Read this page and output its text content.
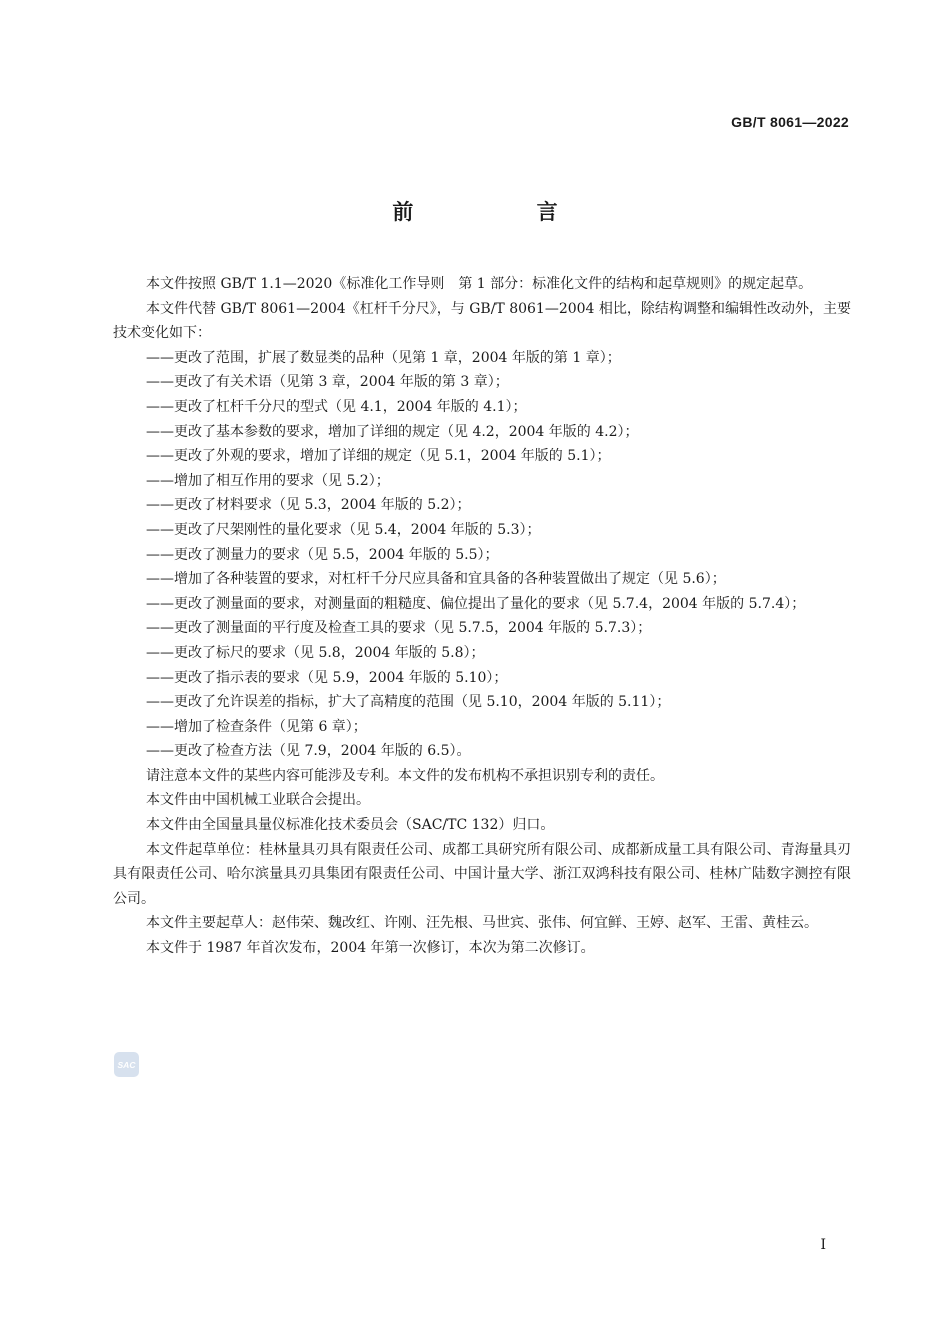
GB/T 8061—2022
前 言

本文件按照 GB/T 1.1—2020《标准化工作导则　第 1 部分：标准化文件的结构和起草规则》的规定起草。

本文件代替 GB/T 8061—2004《杠杆千分尺》，与 GB/T 8061—2004 相比，除结构调整和编辑性改动外，主要技术变化如下：

——更改了范围，扩展了数显类的品种（见第 1 章，2004 年版的第 1 章）；

——更改了有关术语（见第 3 章，2004 年版的第 3 章）；

——更改了杠杆千分尺的型式（见 4.1，2004 年版的 4.1）；

——更改了基本参数的要求，增加了详细的规定（见 4.2，2004 年版的 4.2）；

——更改了外观的要求，增加了详细的规定（见 5.1，2004 年版的 5.1）；

——增加了相互作用的要求（见 5.2）；

——更改了材料要求（见 5.3，2004 年版的 5.2）；

——更改了尺架刚性的量化要求（见 5.4，2004 年版的 5.3）；

——更改了测量力的要求（见 5.5，2004 年版的 5.5）；

——增加了各种装置的要求，对杠杆千分尺应具备和宜具备的各种装置做出了规定（见 5.6）；

——更改了测量面的要求，对测量面的粗糙度、偏位提出了量化的要求（见 5.7.4，2004 年版的 5.7.4）；

——更改了测量面的平行度及检查工具的要求（见 5.7.5，2004 年版的 5.7.3）；

——更改了标尺的要求（见 5.8，2004 年版的 5.8）；

——更改了指示表的要求（见 5.9，2004 年版的 5.10）；

——更改了允许误差的指标，扩大了高精度的范围（见 5.10，2004 年版的 5.11）；

——增加了检查条件（见第 6 章）；

——更改了检查方法（见 7.9，2004 年版的 6.5）。

请注意本文件的某些内容可能涉及专利。本文件的发布机构不承担识别专利的责任。

本文件由中国机械工业联合会提出。

本文件由全国量具量仪标准化技术委员会（SAC/TC 132）归口。

本文件起草单位：桂林量具刃具有限责任公司、成都工具研究所有限公司、成都新成量工具有限公司、青海量具刃具有限责任公司、哈尔滨量具刃具集团有限责任公司、中国计量大学、浙江双鸿科技有限公司、桂林广陆数字测控有限公司。

本文件主要起草人：赵伟荣、魏改红、许刚、汪先根、马世宾、张伟、何宜鲜、王婷、赵军、王雷、黄桂云。

本文件于 1987 年首次发布，2004 年第一次修订，本次为第二次修订。

SAC
I
